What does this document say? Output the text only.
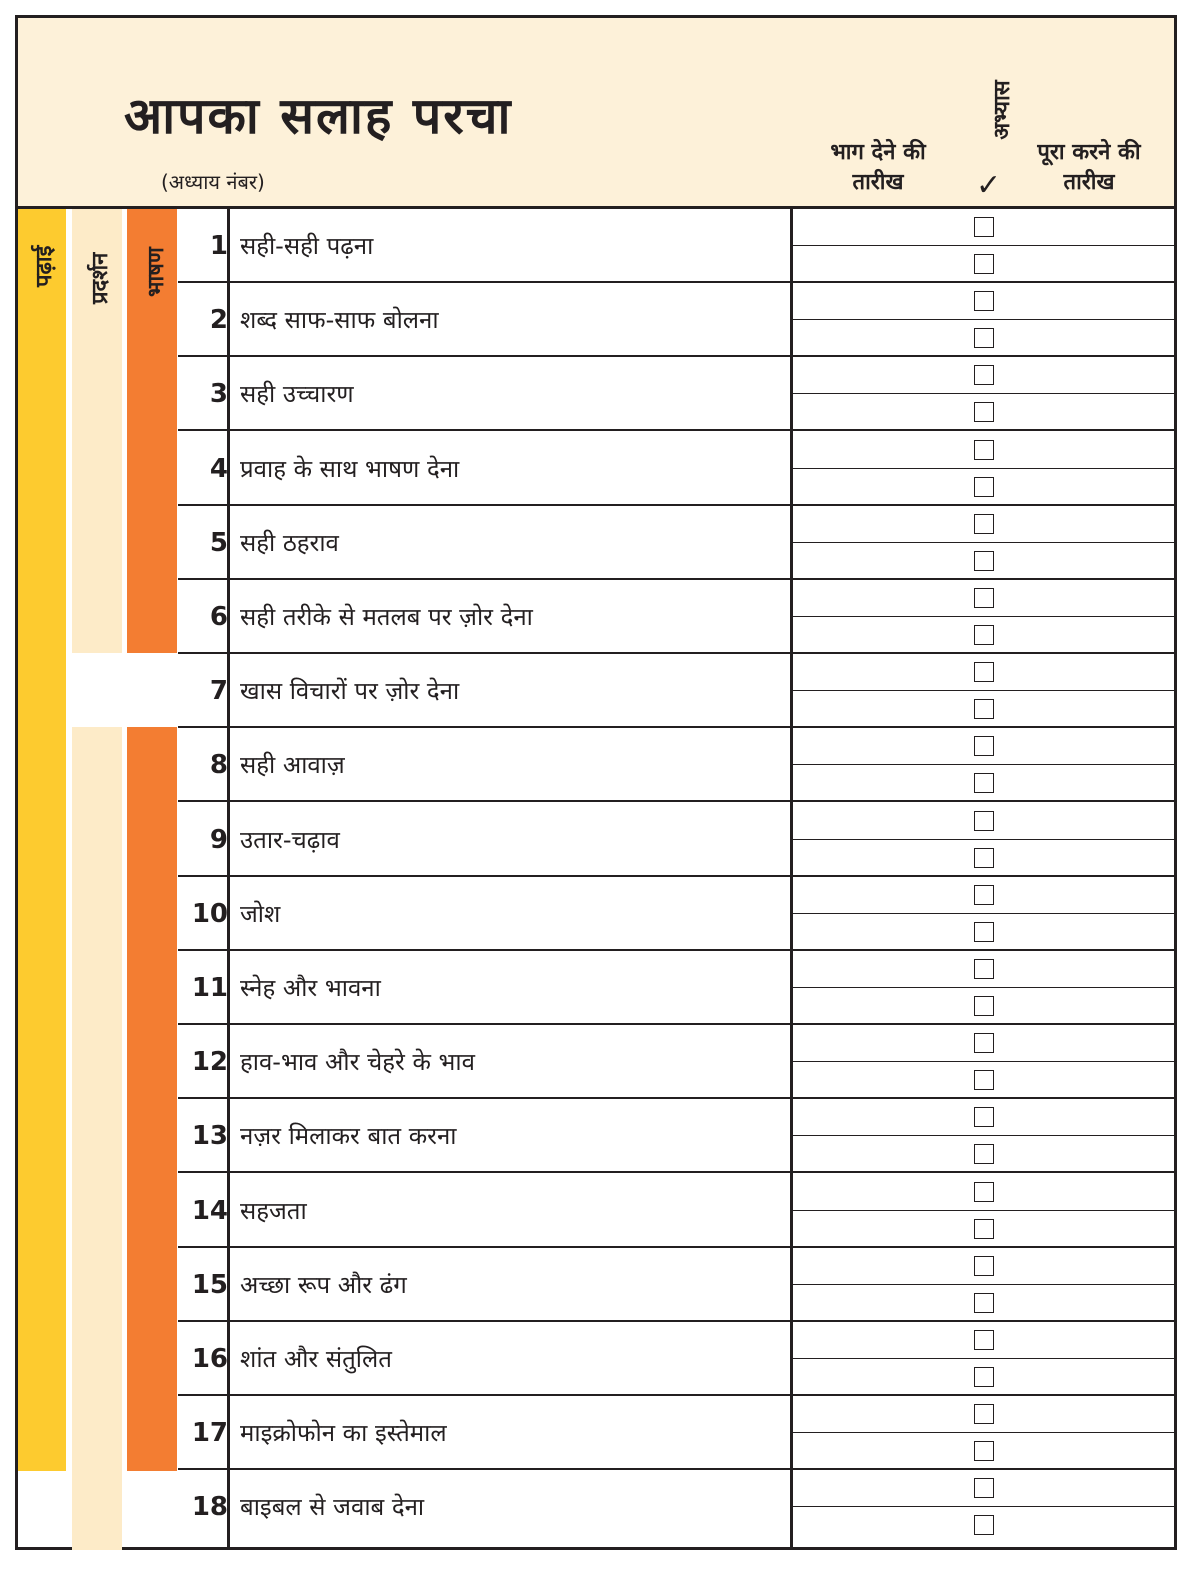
आपका सलाह परचा
(अध्याय नंबर)
भाग देने की तारीख
अभ्यास
✓
पूरा करने की तारीख
पढ़ाई प्रदर्शन भाषण
1 सही-सही पढ़ना
2 शब्द साफ-साफ बोलना
3 सही उच्चारण
4 प्रवाह के साथ भाषण देना
5 सही ठहराव
6 सही तरीके से मतलब पर ज़ोर देना
7 खास विचारों पर ज़ोर देना
8 सही आवाज़
9 उतार-चढ़ाव
10 जोश
11 स्नेह और भावना
12 हाव-भाव और चेहरे के भाव
13 नज़र मिलाकर बात करना
14 सहजता
15 अच्छा रूप और ढंग
16 शांत और संतुलित
17 माइक्रोफोन का इस्तेमाल
18 बाइबल से जवाब देना
